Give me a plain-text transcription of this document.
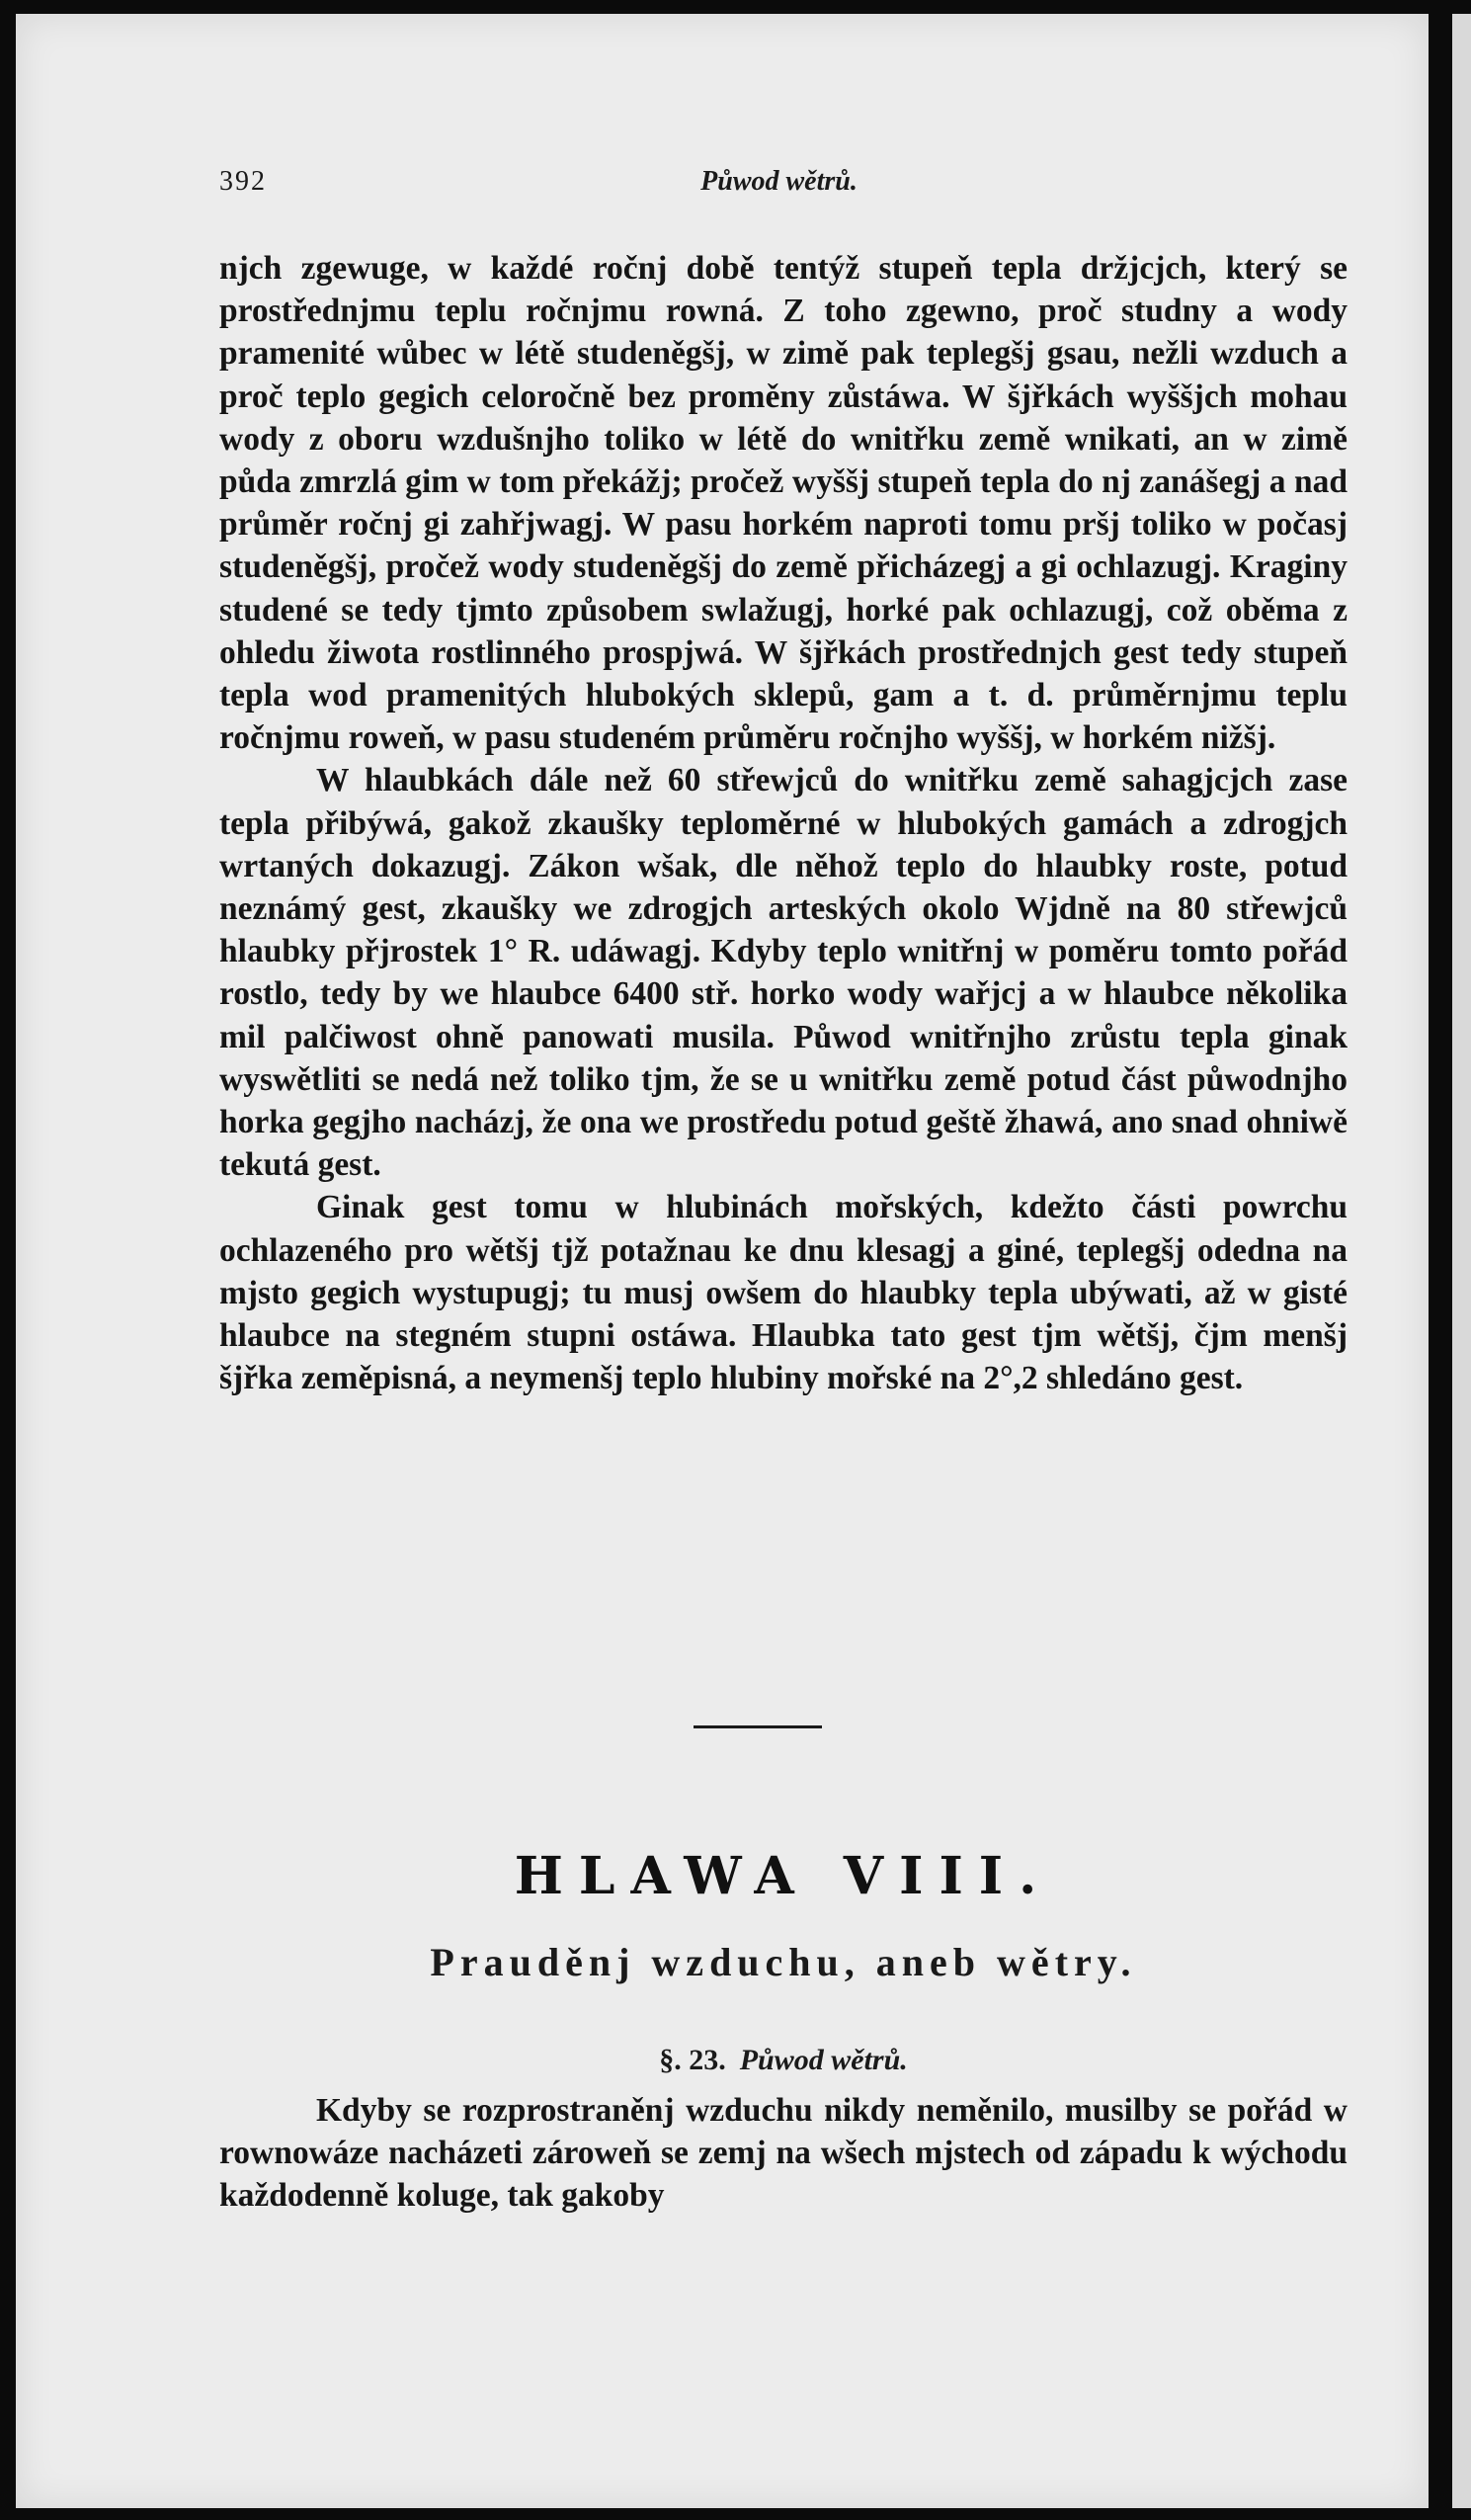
392	Půwod wětrů.

njch zgewuge, w každé ročnj době tentýž stupeň tepla držjcjch, který se prostřednjmu teplu ročnjmu rowná. Z toho zgewno, proč studny a wody pramenité wůbec w létě studeněgšj, w zimě pak teplegšj gsau, nežli wzduch a proč teplo gegich celoročně bez proměny zůstáwa. W šjřkách wyššjch mohau wody z oboru wzdušnjho toliko w létě do wnitřku země wnikati, an w zimě půda zmrzlá gim w tom překážj; pročež wyššj stupeň tepla do nj zanášegj a nad průměr ročnj gi zahřjwagj. W pasu horkém naproti tomu pršj toliko w počasj studeněgšj, pročež wody studeněgšj do země přicházegj a gi ochlazugj. Kraginy studené se tedy tjmto způsobem swlažugj, horké pak ochlazugj, což oběma z ohledu žiwota rostlinného prospjwá. W šjřkách prostřednjch gest tedy stupeň tepla wod pramenitých hlubokých sklepů, gam a t. d. průměrnjmu teplu ročnjmu roweň, w pasu studeném průměru ročnjho wyššj, w horkém nižšj.

W hlaubkách dále než 60 střewjců do wnitřku země sahagjcjch zase tepla přibýwá, gakož zkaušky teploměrné w hlubokých gamách a zdrogjch wrtaných dokazugj. Zákon wšak, dle něhož teplo do hlaubky roste, potud neznámý gest, zkaušky we zdrogjch arteských okolo Wjdně na 80 střewjců hlaubky přjrostek 1° R. udáwagj. Kdyby teplo wnitřnj w poměru tomto pořád rostlo, tedy by we hlaubce 6400 stř. horko wody wařjcj a w hlaubce několika mil palčiwost ohně panowati musila. Půwod wnitřnjho zrůstu tepla ginak wyswětliti se nedá než toliko tjm, že se u wnitřku země potud část půwodnjho horka gegjho nacházj, že ona we prostředu potud geště žhawá, ano snad ohniwě tekutá gest.

Ginak gest tomu w hlubinách mořských, kdežto části powrchu ochlazeného pro wětšj tjž potažnau ke dnu klesagj a giné, teplegšj odedna na mjsto gegich wystupugj; tu musj owšem do hlaubky tepla ubýwati, až w gisté hlaubce na stegném stupni ostáwa. Hlaubka tato gest tjm wětšj, čjm menšj šjřka zeměpisná, a neymenšj teplo hlubiny mořské na 2°,2 shledáno gest.

HLAWA VIII.
Prauděnj wzduchu, aneb wětry.
§. 23. Půwod wětrů.

Kdyby se rozprostraněnj wzduchu nikdy neměnilo, musilby se pořád w rownowáze nacházeti zároweň se zemj na wšech mjstech od západu k wýchodu každodenně koluge, tak gakoby
